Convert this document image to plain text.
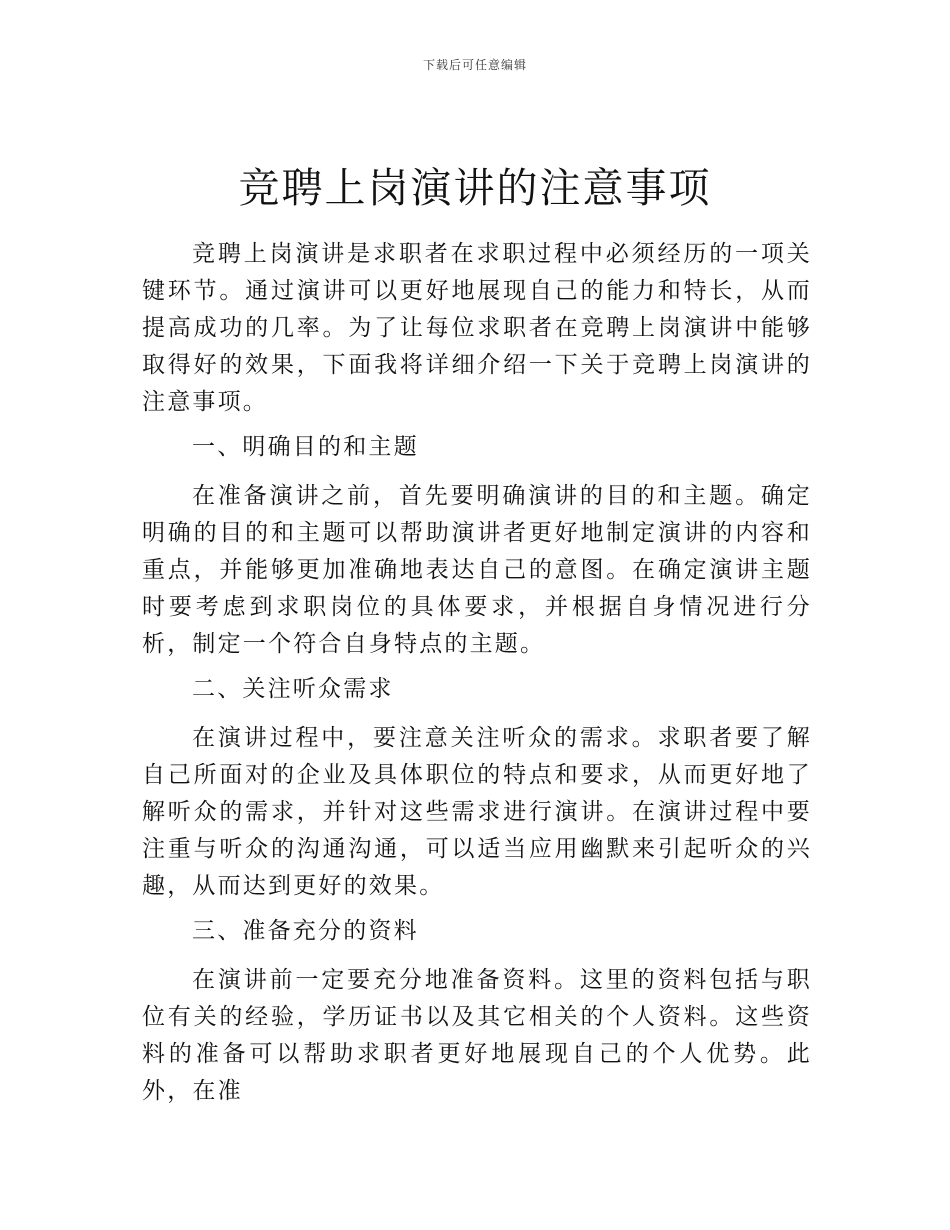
下载后可任意编辑
竞聘上岗演讲的注意事项

竞聘上岗演讲是求职者在求职过程中必须经历的一项关键环节。通过演讲可以更好地展现自己的能力和特长，从而提高成功的几率。为了让每位求职者在竞聘上岗演讲中能够取得好的效果，下面我将详细介绍一下关于竞聘上岗演讲的注意事项。

一、明确目的和主题

在准备演讲之前，首先要明确演讲的目的和主题。确定明确的目的和主题可以帮助演讲者更好地制定演讲的内容和重点，并能够更加准确地表达自己的意图。在确定演讲主题时要考虑到求职岗位的具体要求，并根据自身情况进行分析，制定一个符合自身特点的主题。

二、关注听众需求

在演讲过程中，要注意关注听众的需求。求职者要了解自己所面对的企业及具体职位的特点和要求，从而更好地了解听众的需求，并针对这些需求进行演讲。在演讲过程中要注重与听众的沟通沟通，可以适当应用幽默来引起听众的兴趣，从而达到更好的效果。

三、准备充分的资料

在演讲前一定要充分地准备资料。这里的资料包括与职位有关的经验，学历证书以及其它相关的个人资料。这些资料的准备可以帮助求职者更好地展现自己的个人优势。此外，在准
